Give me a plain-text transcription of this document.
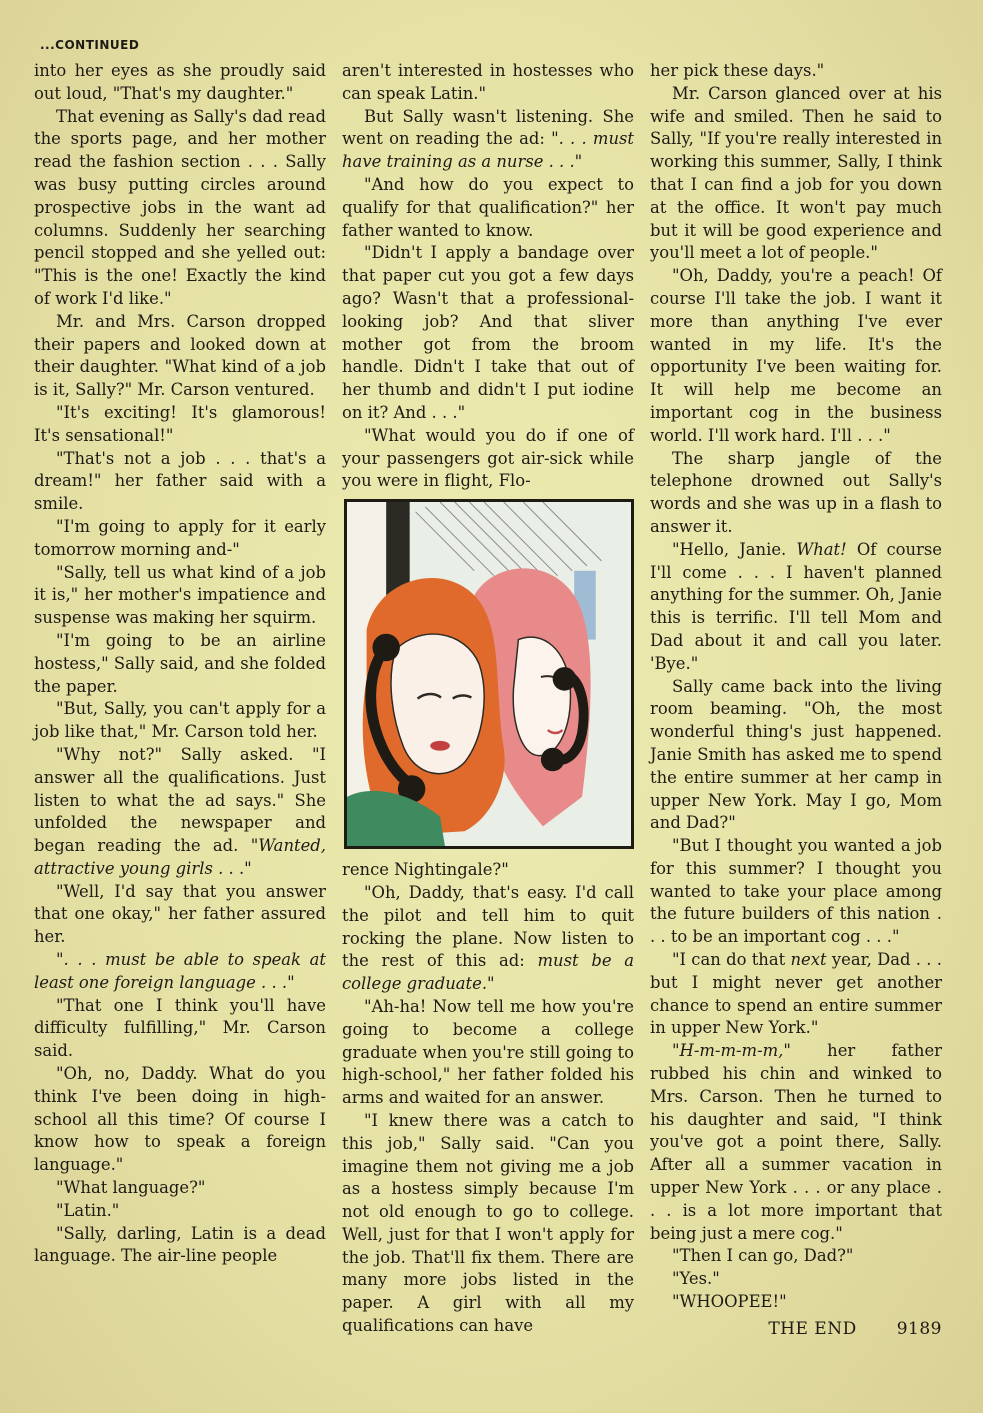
...CONTINUED

into her eyes as she proudly said out loud, "That's my daughter."

That evening as Sally's dad read the sports page, and her mother read the fashion section . . . Sally was busy putting circles around prospective jobs in the want ad columns. Suddenly her searching pencil stopped and she yelled out: "This is the one! Exactly the kind of work I'd like."

Mr. and Mrs. Carson dropped their papers and looked down at their daughter. "What kind of a job is it, Sally?" Mr. Carson ventured.

"It's exciting! It's glamorous! It's sensational!"

"That's not a job . . . that's a dream!" her father said with a smile.

"I'm going to apply for it early tomorrow morning and-"

"Sally, tell us what kind of a job it is," her mother's impatience and suspense was making her squirm.

"I'm going to be an airline hostess," Sally said, and she folded the paper.

"But, Sally, you can't apply for a job like that," Mr. Carson told her.

"Why not?" Sally asked. "I answer all the qualifications. Just listen to what the ad says." She unfolded the newspaper and began reading the ad. "Wanted, attractive young girls . . ."

"Well, I'd say that you answer that one okay," her father assured her.

". . . must be able to speak at least one foreign language . . ."

"That one I think you'll have difficulty fulfilling," Mr. Carson said.

"Oh, no, Daddy. What do you think I've been doing in high-school all this time? Of course I know how to speak a foreign language."

"What language?"

"Latin."

"Sally, darling, Latin is a dead language. The air-line people

aren't interested in hostesses who can speak Latin."

But Sally wasn't listening. She went on reading the ad: ". . . must have training as a nurse . . ."

"And how do you expect to qualify for that qualification?" her father wanted to know.

"Didn't I apply a bandage over that paper cut you got a few days ago? Wasn't that a professional-looking job? And that sliver mother got from the broom handle. Didn't I take that out of her thumb and didn't I put iodine on it? And . . ."

"What would you do if one of your passengers got air-sick while you were in flight, Flo-

rence Nightingale?"

"Oh, Daddy, that's easy. I'd call the pilot and tell him to quit rocking the plane. Now listen to the rest of this ad: must be a college graduate."

"Ah-ha! Now tell me how you're going to become a college graduate when you're still going to high-school," her father folded his arms and waited for an answer.

"I knew there was a catch to this job," Sally said. "Can you imagine them not giving me a job as a hostess simply because I'm not old enough to go to college. Well, just for that I won't apply for the job. That'll fix them. There are many more jobs listed in the paper. A girl with all my qualifications can have

her pick these days."

Mr. Carson glanced over at his wife and smiled. Then he said to Sally, "If you're really interested in working this summer, Sally, I think that I can find a job for you down at the office. It won't pay much but it will be good experience and you'll meet a lot of people."

"Oh, Daddy, you're a peach! Of course I'll take the job. I want it more than anything I've ever wanted in my life. It's the opportunity I've been waiting for. It will help me become an important cog in the business world. I'll work hard. I'll . . ."

The sharp jangle of the telephone drowned out Sally's words and she was up in a flash to answer it.

"Hello, Janie. What! Of course I'll come . . . I haven't planned anything for the summer. Oh, Janie this is terrific. I'll tell Mom and Dad about it and call you later. 'Bye."

Sally came back into the living room beaming. "Oh, the most wonderful thing's just happened. Janie Smith has asked me to spend the entire summer at her camp in upper New York. May I go, Mom and Dad?"

"But I thought you wanted a job for this summer? I thought you wanted to take your place among the future builders of this nation . . . to be an important cog . . ."

"I can do that next year, Dad . . . but I might never get another chance to spend an entire summer in upper New York."

"H-m-m-m-m," her father rubbed his chin and winked to Mrs. Carson. Then he turned to his daughter and said, "I think you've got a point there, Sally. After all a summer vacation in upper New York . . . or any place . . . is a lot more important that being just a mere cog."

"Then I can go, Dad?"

"Yes."

"WHOOPEE!"

THE END 9189
